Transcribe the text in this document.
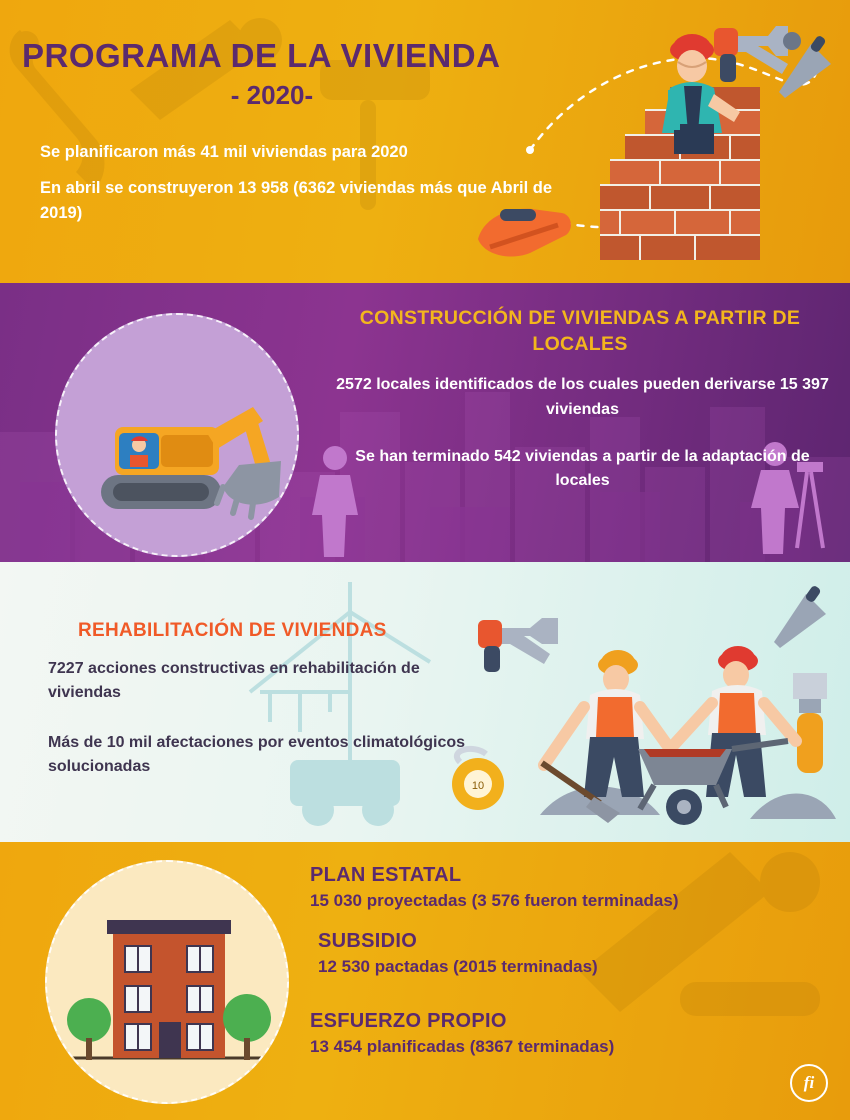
PROGRAMA DE LA VIVIENDA
- 2020-

Se planificaron más 41 mil viviendas para 2020

En abril se construyeron 13 958 (6362 viviendas más que Abril de 2019)

CONSTRUCCIÓN DE VIVIENDAS A PARTIR DE LOCALES

2572 locales identificados de los cuales pueden derivarse 15 397 viviendas

Se han terminado 542 viviendas a partir de la adaptación de locales

10
REHABILITACIÓN DE VIVIENDAS

7227 acciones constructivas en rehabilitación de viviendas

Más de 10 mil afectaciones por eventos climatológicos solucionadas

PLAN ESTATAL

15 030 proyectadas (3 576 fueron terminadas)

SUBSIDIO

12 530 pactadas (2015 terminadas)

ESFUERZO PROPIO

13 454 planificadas (8367 terminadas)

fi
